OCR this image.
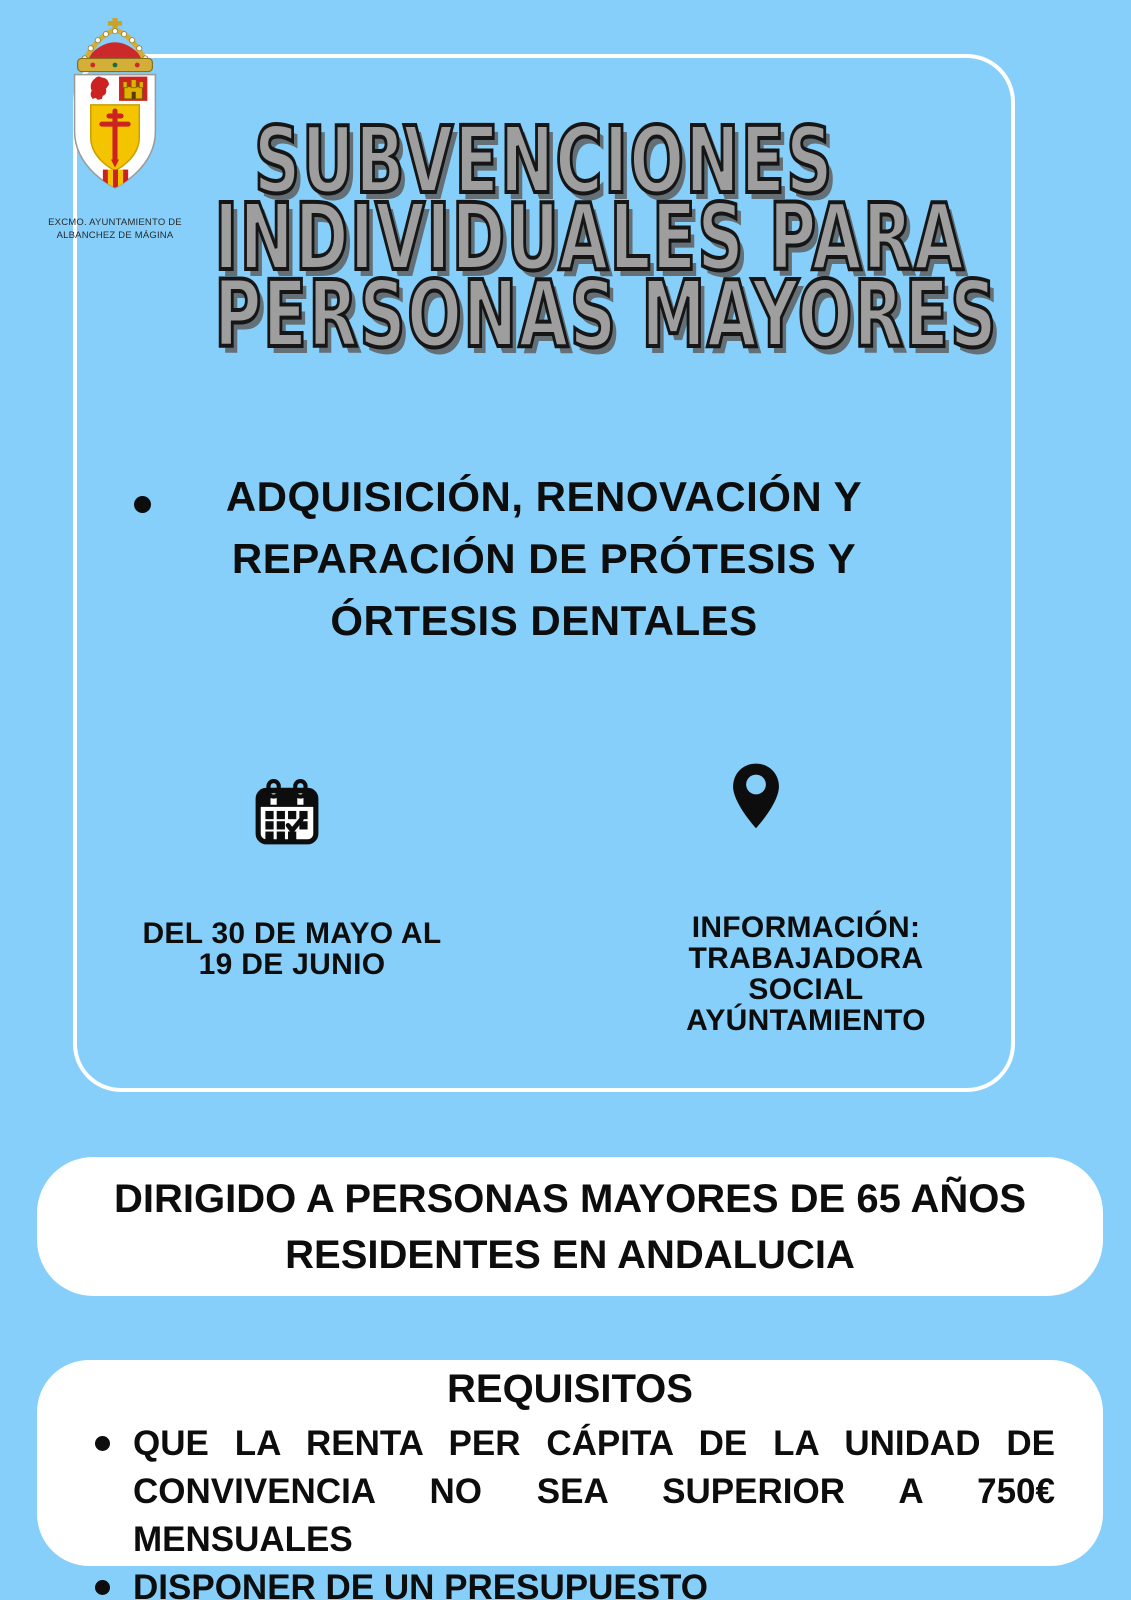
EXCMO. AYUNTAMIENTO DE
ALBANCHEZ DE MÁGINA
SUBVENCIONES
INDIVIDUALES PARA
PERSONAS MAYORES
ADQUISICIÓN, RENOVACIÓN Y
REPARACIÓN DE PRÓTESIS Y
ÓRTESIS DENTALES
DEL 30 DE MAYO AL
19 DE JUNIO
INFORMACIÓN:
TRABAJADORA SOCIAL
AYÚNTAMIENTO
DIRIGIDO A PERSONAS MAYORES DE 65 AÑOS
RESIDENTES EN ANDALUCIA
REQUISITOS
QUE LA RENTA PER CÁPITA DE LA UNIDAD DE CONVIVENCIA NO SEA SUPERIOR A 750€ MENSUALES
DISPONER DE UN PRESUPUESTO
